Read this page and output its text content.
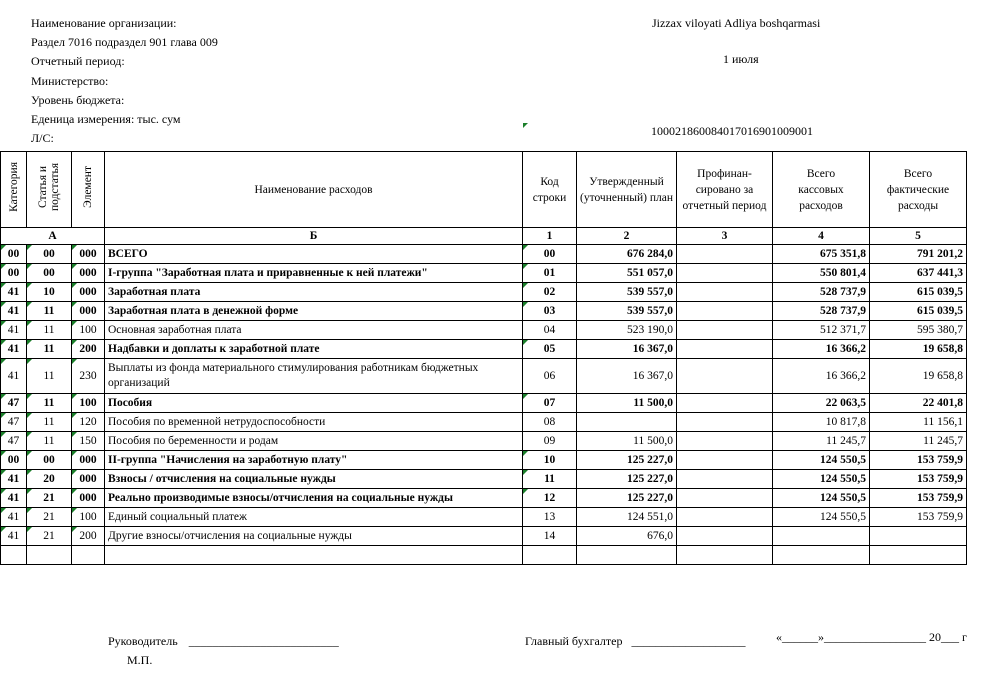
Наименование организации:
Раздел 7016 подраздел 901 глава 009
Отчетный период:
Министерство:
Уровень бюджета:
Еденица измерения: тыс. сум
Л/С:
Jizzax viloyati Adliya boshqarmasi
1 июля
100021860084017016901009001
Категория	Статья и подстатья	Элемент	Наименование расходов	Код строки	Утвержденный (уточненный) план	Профинан-сировано за отчетный период	Всего кассовых расходов	Всего фактические расходы
А			Б	1	2	3	4	5
00	00	000	ВСЕГО	00	676 284,0		675 351,8	791 201,2
00	00	000	I-группа "Заработная плата и приравненные к ней платежи"	01	551 057,0		550 801,4	637 441,3
41	10	000	Заработная плата	02	539 557,0		528 737,9	615 039,5
41	11	000	Заработная плата в денежной форме	03	539 557,0		528 737,9	615 039,5
41	11	100	Основная заработная плата	04	523 190,0		512 371,7	595 380,7
41	11	200	Надбавки и доплаты к заработной плате	05	16 367,0		16 366,2	19 658,8
41	11	230	Выплаты из фонда материального стимулирования работникам бюджетных организаций	06	16 367,0		16 366,2	19 658,8
47	11	100	Пособия	07	11 500,0		22 063,5	22 401,8
47	11	120	Пособия по временной нетрудоспособности	08			10 817,8	11 156,1
47	11	150	Пособия по беременности и родам	09	11 500,0		11 245,7	11 245,7
00	00	000	II-группа "Начисления на заработную плату"	10	125 227,0		124 550,5	153 759,9
41	20	000	Взносы / отчисления на социальные нужды	11	125 227,0		124 550,5	153 759,9
41	21	000	Реально производимые взносы/отчисления на социальные нужды	12	125 227,0		124 550,5	153 759,9
41	21	100	Единый социальный платеж	13	124 551,0		124 550,5	153 759,9
41	21	200	Другие взносы/отчисления на социальные нужды	14	676,0			

Руководитель _________________________
М.П.
Главный бухгалтер ___________________	«______»_________________ 20___ г
